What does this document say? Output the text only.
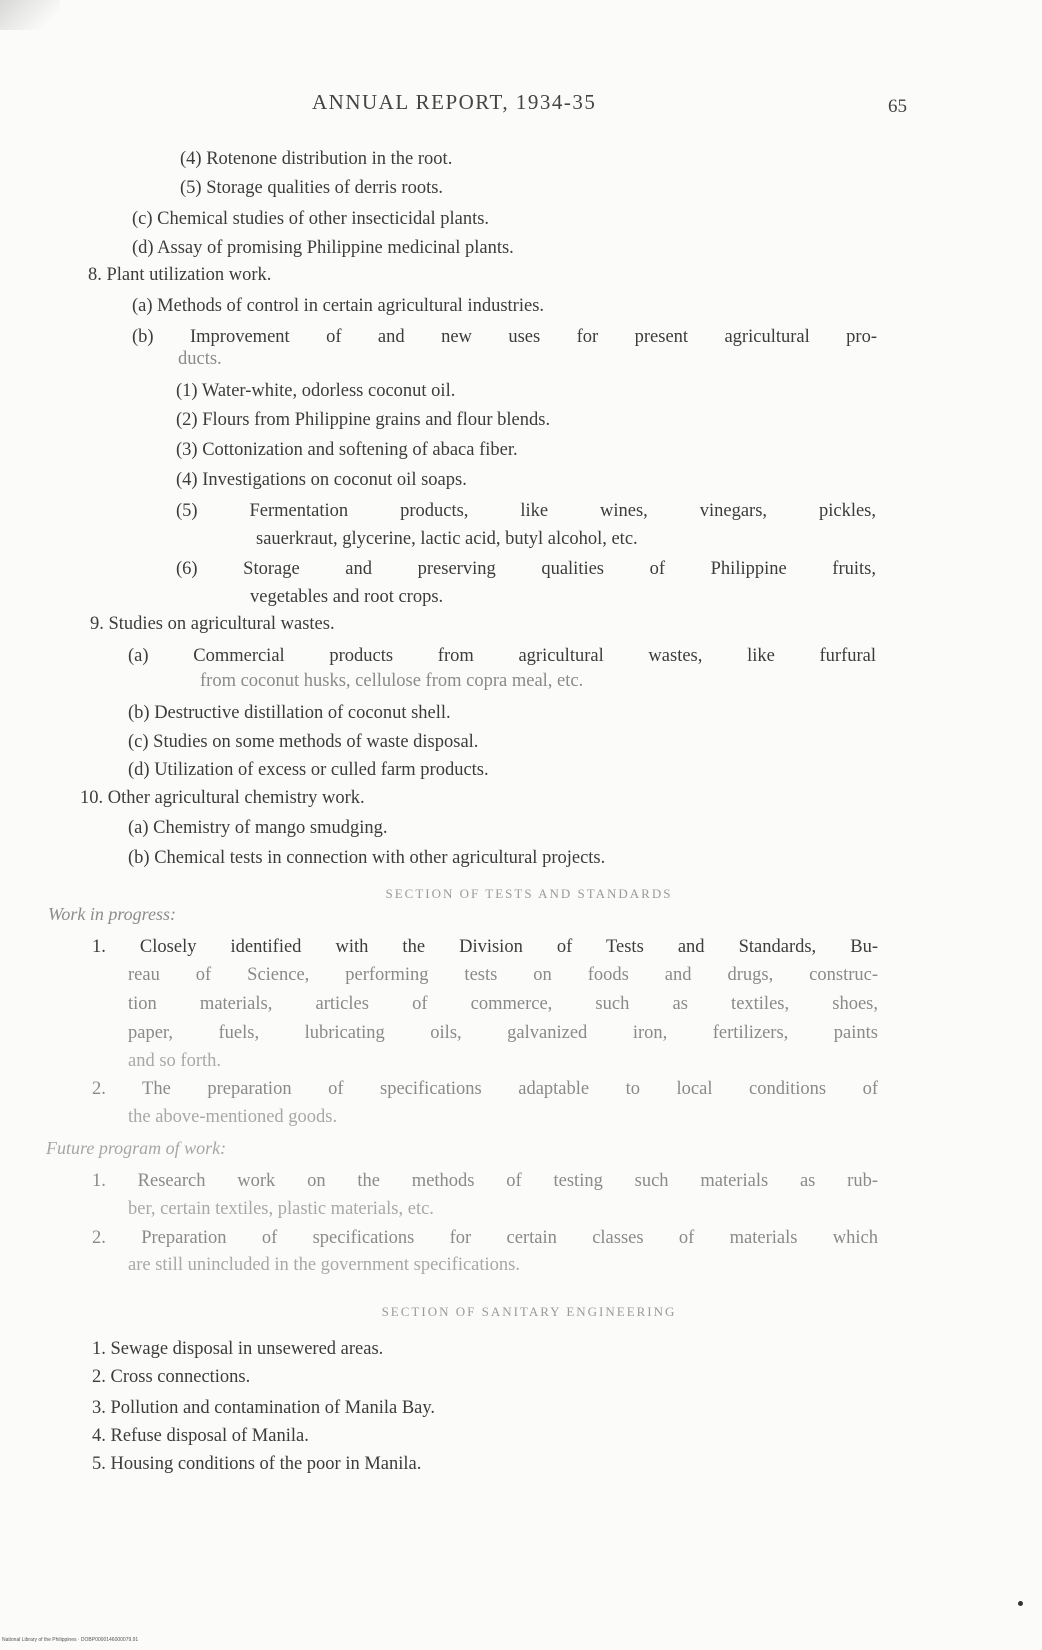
ANNUAL REPORT, 1934-35	65
(4) Rotenone distribution in the root.
(5) Storage qualities of derris roots.
(c) Chemical studies of other insecticidal plants.
(d) Assay of promising Philippine medicinal plants.
8. Plant utilization work.
(a) Methods of control in certain agricultural industries.
(b) Improvement of and new uses for present agricultural pro-
ducts.
(1) Water-white, odorless coconut oil.
(2) Flours from Philippine grains and flour blends.
(3) Cottonization and softening of abaca fiber.
(4) Investigations on coconut oil soaps.
(5) Fermentation products, like wines, vinegars, pickles,
sauerkraut, glycerine, lactic acid, butyl alcohol, etc.
(6) Storage and preserving qualities of Philippine fruits,
vegetables and root crops.
9. Studies on agricultural wastes.
(a) Commercial products from agricultural wastes, like furfural
from coconut husks, cellulose from copra meal, etc.
(b) Destructive distillation of coconut shell.
(c) Studies on some methods of waste disposal.
(d) Utilization of excess or culled farm products.
10. Other agricultural chemistry work.
(a) Chemistry of mango smudging.
(b) Chemical tests in connection with other agricultural projects.
SECTION OF TESTS AND STANDARDS
Work in progress:
1. Closely identified with the Division of Tests and Standards, Bu-
reau of Science, performing tests on foods and drugs, construc-
tion materials, articles of commerce, such as textiles, shoes,
paper, fuels, lubricating oils, galvanized iron, fertilizers, paints
and so forth.
2. The preparation of specifications adaptable to local conditions of
the above-mentioned goods.
Future program of work:
1. Research work on the methods of testing such materials as rub-
ber, certain textiles, plastic materials, etc.
2. Preparation of specifications for certain classes of materials which
are still unincluded in the government specifications.
SECTION OF SANITARY ENGINEERING
1. Sewage disposal in unsewered areas.
2. Cross connections.
3. Pollution and contamination of Manila Bay.
4. Refuse disposal of Manila.
5. Housing conditions of the poor in Manila.
National Library of the Philippines · DOBP0000146000079.91
